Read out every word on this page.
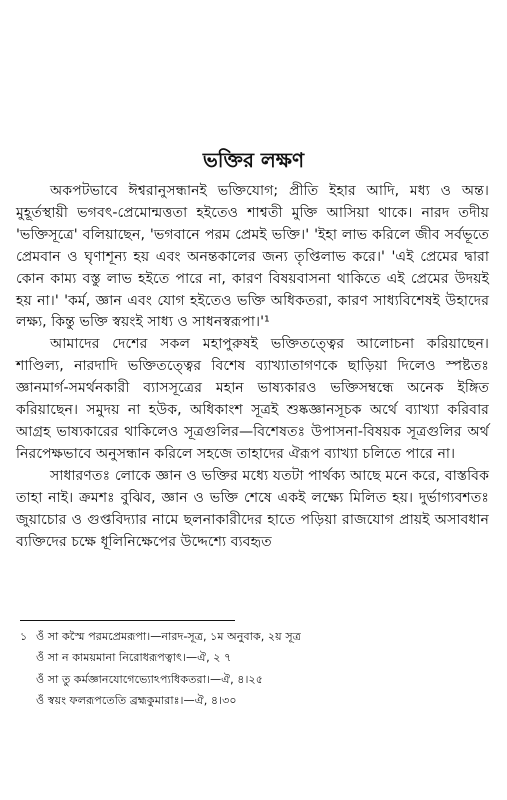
ভক্তির লক্ষণ

অকপটভাবে ঈশ্বরানুসন্ধানই ভক্তিযোগ; প্রীতি ইহার আদি, মধ্য ও অন্ত। মুহূর্তস্থায়ী ভগবৎ-প্রেমোন্মত্ততা হইতেও শাশ্বতী মুক্তি আসিয়া থাকে। নারদ তদীয় 'ভক্তিসূত্রে' বলিয়াছেন, 'ভগবানে পরম প্রেমই ভক্তি।' 'ইহা লাভ করিলে জীব সর্বভূতে প্রেমবান ও ঘৃণাশূন্য হয় এবং অনন্তকালের জন্য তৃপ্তিলাভ করে।' 'এই প্রেমের দ্বারা কোন কাম্য বস্তু লাভ হইতে পারে না, কারণ বিষয়বাসনা থাকিতে এই প্রেমের উদয়ই হয় না।' 'কর্ম, জ্ঞান এবং যোগ হইতেও ভক্তি অধিকতরা, কারণ সাধ্যবিশেষই উহাদের লক্ষ্য, কিন্তু ভক্তি স্বয়ংই সাধ্য ও সাধনস্বরূপা।'¹

আমাদের দেশের সকল মহাপুরুষই ভক্তিতত্ত্বের আলোচনা করিয়াছেন। শাণ্ডিল্য, নারদাদি ভক্তিতত্ত্বের বিশেষ ব্যাখ্যাতাগণকে ছাড়িয়া দিলেও স্পষ্টতঃ জ্ঞানমার্গ-সমর্থনকারী ব্যাসসূত্রের মহান ভাষ্যকারও ভক্তিসম্বন্ধে অনেক ইঙ্গিত করিয়াছেন। সমুদয় না হউক, অধিকাংশ সূত্রই শুষ্কজ্ঞানসূচক অর্থে ব্যাখ্যা করিবার আগ্রহ ভাষ্যকারের থাকিলেও সূত্রগুলির—বিশেষতঃ উপাসনা-বিষয়ক সূত্রগুলির অর্থ নিরপেক্ষভাবে অনুসন্ধান করিলে সহজে তাহাদের ঐরূপ ব্যাখ্যা চলিতে পারে না।

সাধারণতঃ লোকে জ্ঞান ও ভক্তির মধ্যে যতটা পার্থক্য আছে মনে করে, বাস্তবিক তাহা নাই। ক্রমশঃ বুঝিব, জ্ঞান ও ভক্তি শেষে একই লক্ষ্যে মিলিত হয়। দুর্ভাগ্যবশতঃ জুয়াচোর ও গুপ্তবিদ্যার নামে ছলনাকারীদের হাতে পড়িয়া রাজযোগ প্রায়ই অসাবধান ব্যক্তিদের চক্ষে ধূলিনিক্ষেপের উদ্দেশ্যে ব্যবহৃত

১ ওঁ সা কস্মৈ পরমপ্রেমরূপা।—নারদ-সূত্র, ১ম অনুবাক, ২য় সূত্র
ওঁ সা ন কাময়মানা নিরোধরূপত্বাৎ।—ঐ, ২ ৭
ওঁ সা তু কর্মজ্ঞানযোগেভ্যোঽপ্যধিকতরা।—ঐ, ৪।২৫
ওঁ স্বয়ং ফলরূপতেতি ব্রহ্মকুমারাঃ।—ঐ, ৪।৩০
